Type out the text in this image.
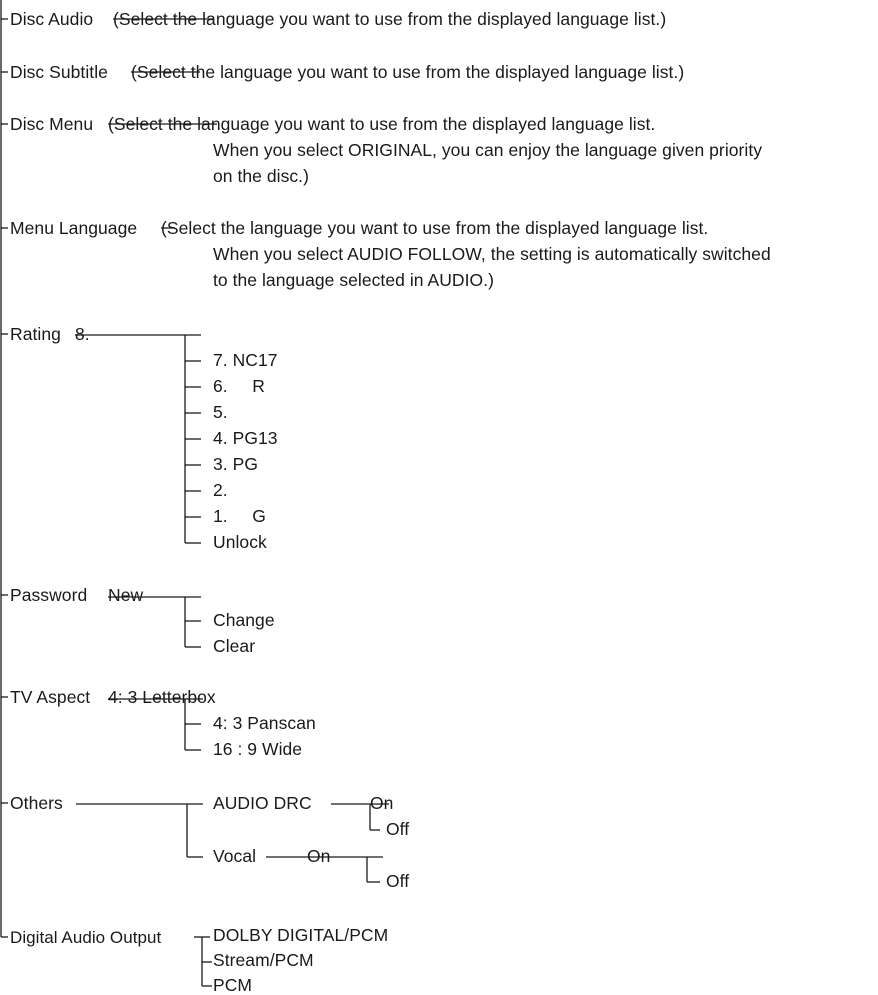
Disc Audio (Select the language you want to use from the displayed language list.)
Disc Subtitle (Select the language you want to use from the displayed language list.)
Disc Menu (Select the language you want to use from the displayed language list.
When you select ORIGINAL, you can enjoy the language given priority
on the disc.)
Menu Language (Select the language you want to use from the displayed language list.
When you select AUDIO FOLLOW, the setting is automatically switched
to the language selected in AUDIO.)
Rating 8.
7. NC17
6.     R
5.
4. PG13
3. PG
2.
1.     G
Unlock
Password New
Change
Clear
TV Aspect 4: 3 Letterbox
4: 3 Panscan
16 : 9 Wide
Others	AUDIO DRC	On
Off
Vocal	On
Off
Digital Audio Output	DOLBY DIGITAL/PCM
Stream/PCM
PCM
